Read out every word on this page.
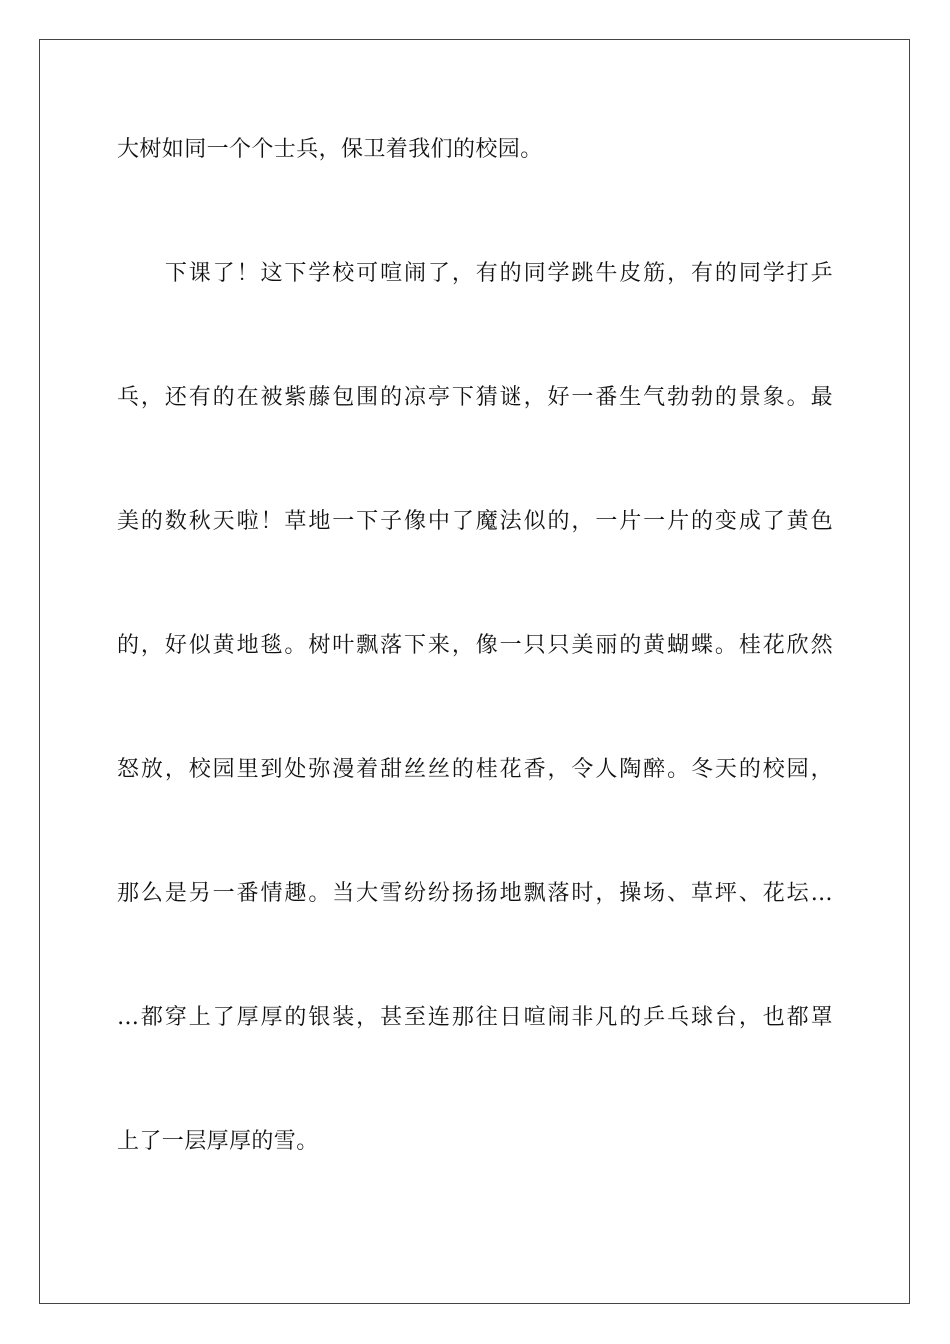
大树如同一个个士兵，保卫着我们的校园。
　　下课了！这下学校可喧闹了，有的同学跳牛皮筋，有的同学打乒
乓，还有的在被紫藤包围的凉亭下猜谜，好一番生气勃勃的景象。最
美的数秋天啦！草地一下子像中了魔法似的，一片一片的变成了黄色
的，好似黄地毯。树叶飘落下来，像一只只美丽的黄蝴蝶。桂花欣然
怒放，校园里到处弥漫着甜丝丝的桂花香，令人陶醉。冬天的校园，
那么是另一番情趣。当大雪纷纷扬扬地飘落时，操场、草坪、花坛…
…都穿上了厚厚的银装，甚至连那往日喧闹非凡的乒乓球台，也都罩
上了一层厚厚的雪。
